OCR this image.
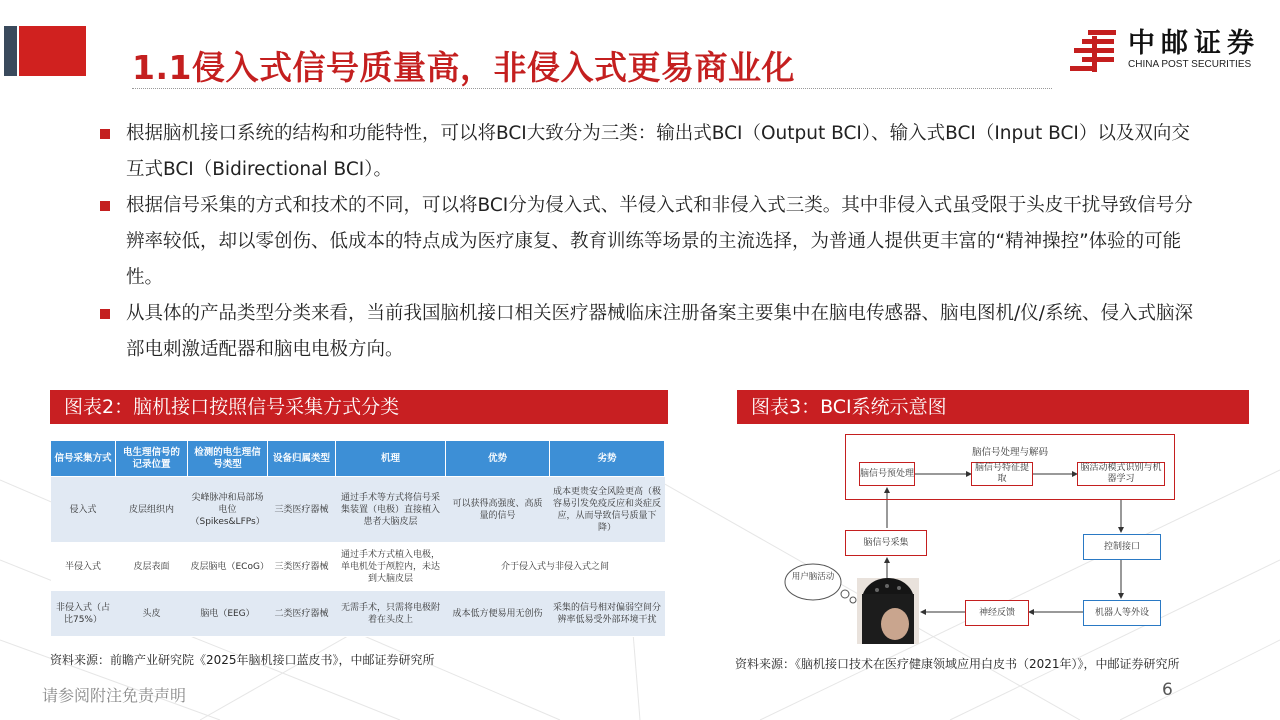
1.1侵入式信号质量高，非侵入式更易商业化
中邮证券
CHINA POST SECURITIES
根据脑机接口系统的结构和功能特性，可以将BCI大致分为三类：输出式BCI（Output BCI）、输入式BCI（Input BCI）以及双向交互式BCI（Bidirectional BCI）。
根据信号采集的方式和技术的不同，可以将BCI分为侵入式、半侵入式和非侵入式三类。其中非侵入式虽受限于头皮干扰导致信号分辨率较低，却以零创伤、低成本的特点成为医疗康复、教育训练等场景的主流选择，为普通人提供更丰富的“精神操控”体验的可能性。
从具体的产品类型分类来看，当前我国脑机接口相关医疗器械临床注册备案主要集中在脑电传感器、脑电图机/仪/系统、侵入式脑深部电刺激适配器和脑电电极方向。
图表2：脑机接口按照信号采集方式分类
信号采集方式	电生理信号的记录位置	检测的电生理信号类型	设备归属类型	机理	优势	劣势
侵入式	皮层组织内	尖峰脉冲和局部场电位（Spikes&LFPs）	三类医疗器械	通过手术等方式将信号采集装置（电极）直接植入患者大脑皮层	可以获得高强度、高质量的信号	成本更贵安全风险更高（极容易引发免疫反应和炎症反应，从而导致信号质量下降）
半侵入式	皮层表面	皮层脑电（ECoG）	三类医疗器械	通过手术方式植入电极，单电机处于颅腔内，未达到大脑皮层	介于侵入式与非侵入式之间	
非侵入式（占比75%）	头皮	脑电（EEG）	二类医疗器械	无需手术，只需将电极附着在头皮上	成本低方便易用无创伤	采集的信号相对偏弱空间分辨率低易受外部环境干扰
资料来源：前瞻产业研究院《2025年脑机接口蓝皮书》，中邮证券研究所
图表3：BCI系统示意图
脑信号处理与解码
脑信号预处理
脑信号特征提取
脑活动模式识别与机器学习
脑信号采集	控制接口
神经反馈	机器人等外设
用户脑活动
资料来源：《脑机接口技术在医疗健康领域应用白皮书（2021年）》，中邮证券研究所
请参阅附注免责声明	6
